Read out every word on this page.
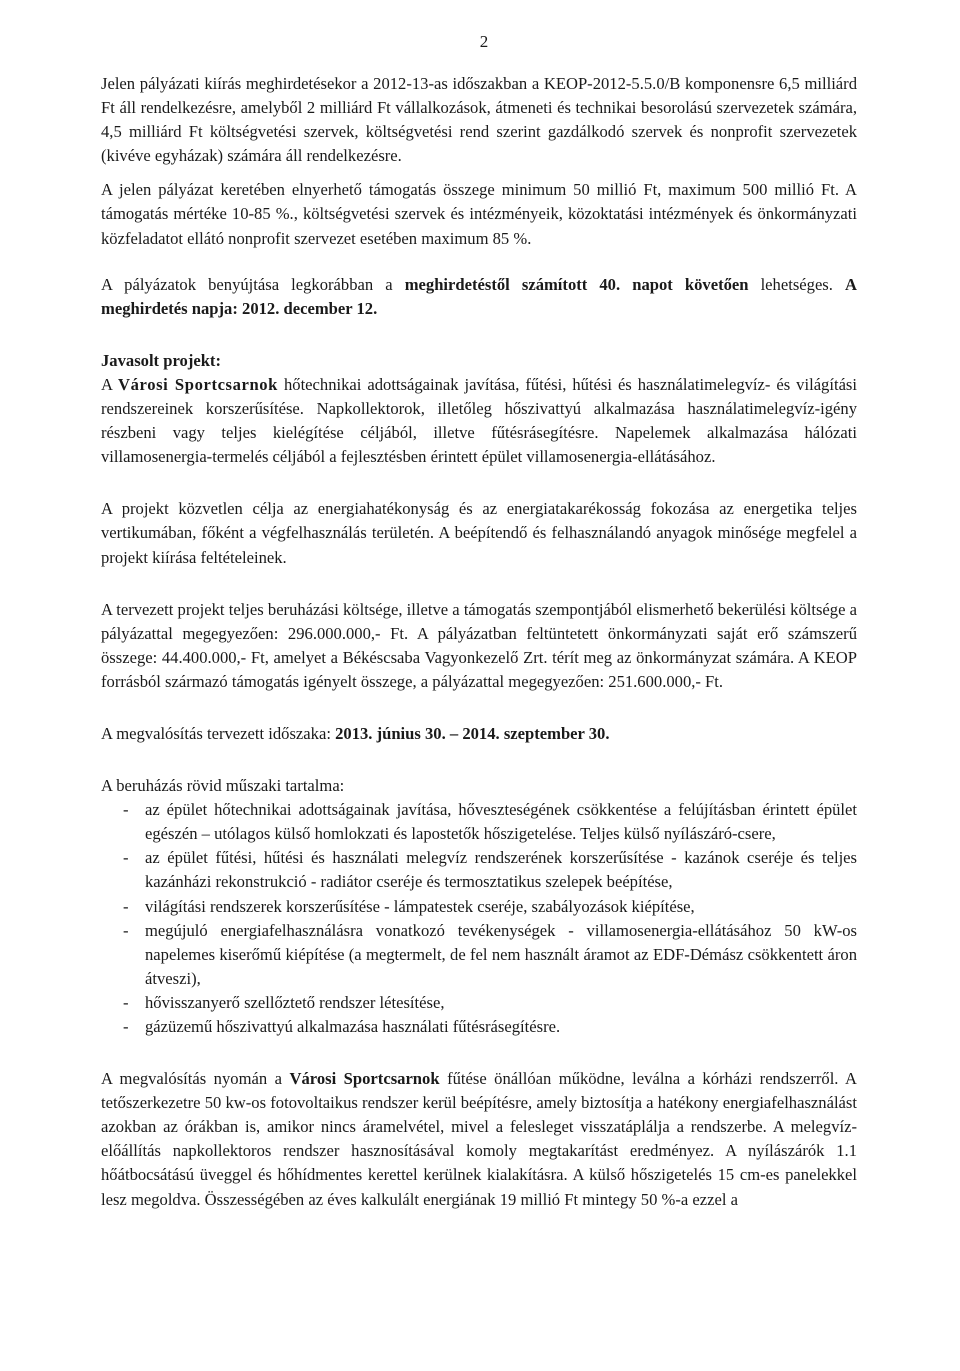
2

Jelen pályázati kiírás meghirdetésekor a 2012-13-as időszakban a KEOP-2012-5.5.0/B komponensre 6,5 milliárd Ft áll rendelkezésre, amelyből 2 milliárd Ft vállalkozások, átmeneti és technikai besorolású szervezetek számára, 4,5 milliárd Ft költségvetési szervek, költségvetési rend szerint gazdálkodó szervek és nonprofit szervezetek (kivéve egyházak) számára áll rendelkezésre.

A jelen pályázat keretében elnyerhető támogatás összege minimum 50 millió Ft, maximum 500 millió Ft. A támogatás mértéke 10-85 %., költségvetési szervek és intézményeik, közoktatási intézmények és önkormányzati közfeladatot ellátó nonprofit szervezet esetében maximum 85 %.

A pályázatok benyújtása legkorábban a meghirdetéstől számított 40. napot követően lehetséges. A meghirdetés napja: 2012. december 12.

Javasolt projekt:

A Városi Sportcsarnok hőtechnikai adottságainak javítása, fűtési, hűtési és használatimelegvíz- és világítási rendszereinek korszerűsítése. Napkollektorok, illetőleg hőszivattyú alkalmazása használatimelegvíz-igény részbeni vagy teljes kielégítése céljából, illetve fűtésrásegítésre. Napelemek alkalmazása hálózati villamosenergia-termelés céljából a fejlesztésben érintett épület villamosenergia-ellátásához.

A projekt közvetlen célja az energiahatékonyság és az energiatakarékosság fokozása az energetika teljes vertikumában, főként a végfelhasználás területén. A beépítendő és felhasználandó anyagok minősége megfelel a projekt kiírása feltételeinek.

A tervezett projekt teljes beruházási költsége, illetve a támogatás szempontjából elismerhető bekerülési költsége a pályázattal megegyezően: 296.000.000,- Ft. A pályázatban feltüntetett önkormányzati saját erő számszerű összege: 44.400.000,- Ft, amelyet a Békéscsaba Vagyonkezelő Zrt. térít meg az önkormányzat számára. A KEOP forrásból származó támogatás igényelt összege, a pályázattal megegyezően: 251.600.000,- Ft.

A megvalósítás tervezett időszaka: 2013. június 30. – 2014. szeptember 30.

A beruházás rövid műszaki tartalma:

- az épület hőtechnikai adottságainak javítása, hőveszteségének csökkentése a felújításban érintett épület egészén – utólagos külső homlokzati és lapostetők hőszigetelése. Teljes külső nyílászáró-csere,
- az épület fűtési, hűtési és használati melegvíz rendszerének korszerűsítése - kazánok cseréje és teljes kazánházi rekonstrukció - radiátor cseréje és termosztatikus szelepek beépítése,
- világítási rendszerek korszerűsítése - lámpatestek cseréje, szabályozások kiépítése,
- megújuló energiafelhasználásra vonatkozó tevékenységek - villamosenergia-ellátásához 50 kW-os napelemes kiserőmű kiépítése (a megtermelt, de fel nem használt áramot az EDF-Démász csökkentett áron átveszi),
- hővisszanyerő szellőztető rendszer létesítése,
- gázüzemű hőszivattyú alkalmazása használati fűtésrásegítésre.

A megvalósítás nyomán a Városi Sportcsarnok fűtése önállóan működne, leválna a kórházi rendszerről. A tetőszerkezetre 50 kw-os fotovoltaikus rendszer kerül beépítésre, amely biztosítja a hatékony energiafelhasználást azokban az órákban is, amikor nincs áramelvétel, mivel a felesleget visszatáplálja a rendszerbe. A melegvíz-előállítás napkollektoros rendszer hasznosításával komoly megtakarítást eredményez. A nyílászárók 1.1 hőátbocsátású üveggel és hőhídmentes kerettel kerülnek kialakításra. A külső hőszigetelés 15 cm-es panelekkel lesz megoldva. Összességében az éves kalkulált energiának 19 millió Ft mintegy 50 %-a ezzel a
